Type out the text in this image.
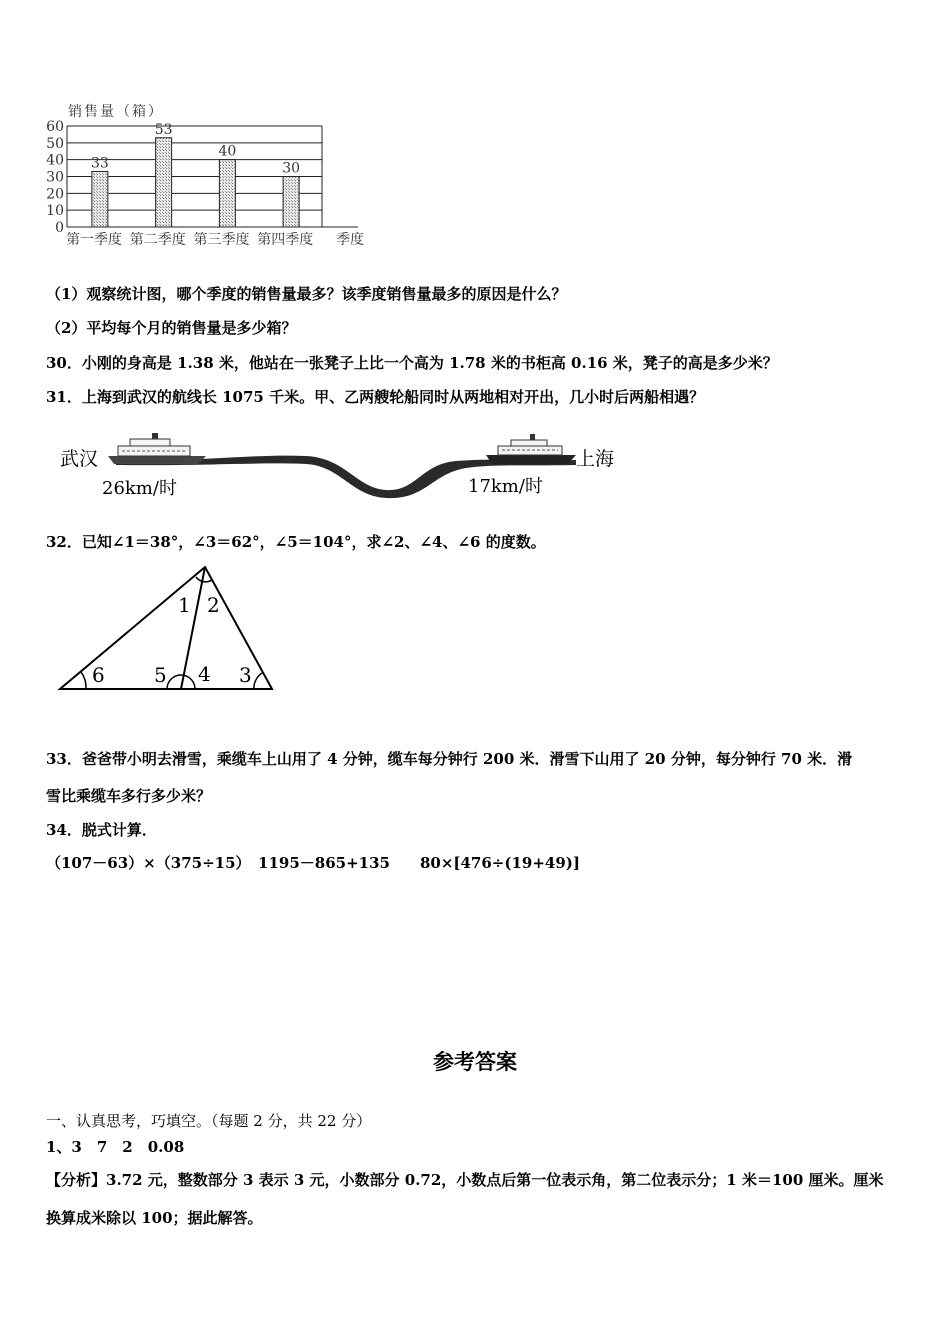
销售量（箱）
60
50
40
30
20
10
0
33
53
40
30
第一季度 第二季度 第三季度 第四季度 季度
（1）观察统计图，哪个季度的销售量最多？该季度销售量最多的原因是什么？
（2）平均每个月的销售量是多少箱？
30．小刚的身高是 1.38 米，他站在一张凳子上比一个高为 1.78 米的书柜高 0.16 米，凳子的高是多少米？
31．上海到武汉的航线长 1075 千米。甲、乙两艘轮船同时从两地相对开出，几小时后两船相遇？
武汉	上海
26km/时	17km/时
32．已知∠1＝38°，∠3＝62°，∠5＝104°，求∠2、∠4、∠6 的度数。
1 2
6 5 4 3
33．爸爸带小明去滑雪，乘缆车上山用了 4 分钟，缆车每分钟行 200 米．滑雪下山用了 20 分钟，每分钟行 70 米．滑
雪比乘缆车多行多少米？
34．脱式计算．
（107－63）×（375÷15）　1195－865+135　　80×[476÷(19+49)]
参考答案
一、认真思考，巧填空。（每题 2 分，共 22 分）
1、3　7　2　0.08
【分析】3.72 元，整数部分 3 表示 3 元，小数部分 0.72，小数点后第一位表示角，第二位表示分；1 米＝100 厘米。厘米
换算成米除以 100；据此解答。
